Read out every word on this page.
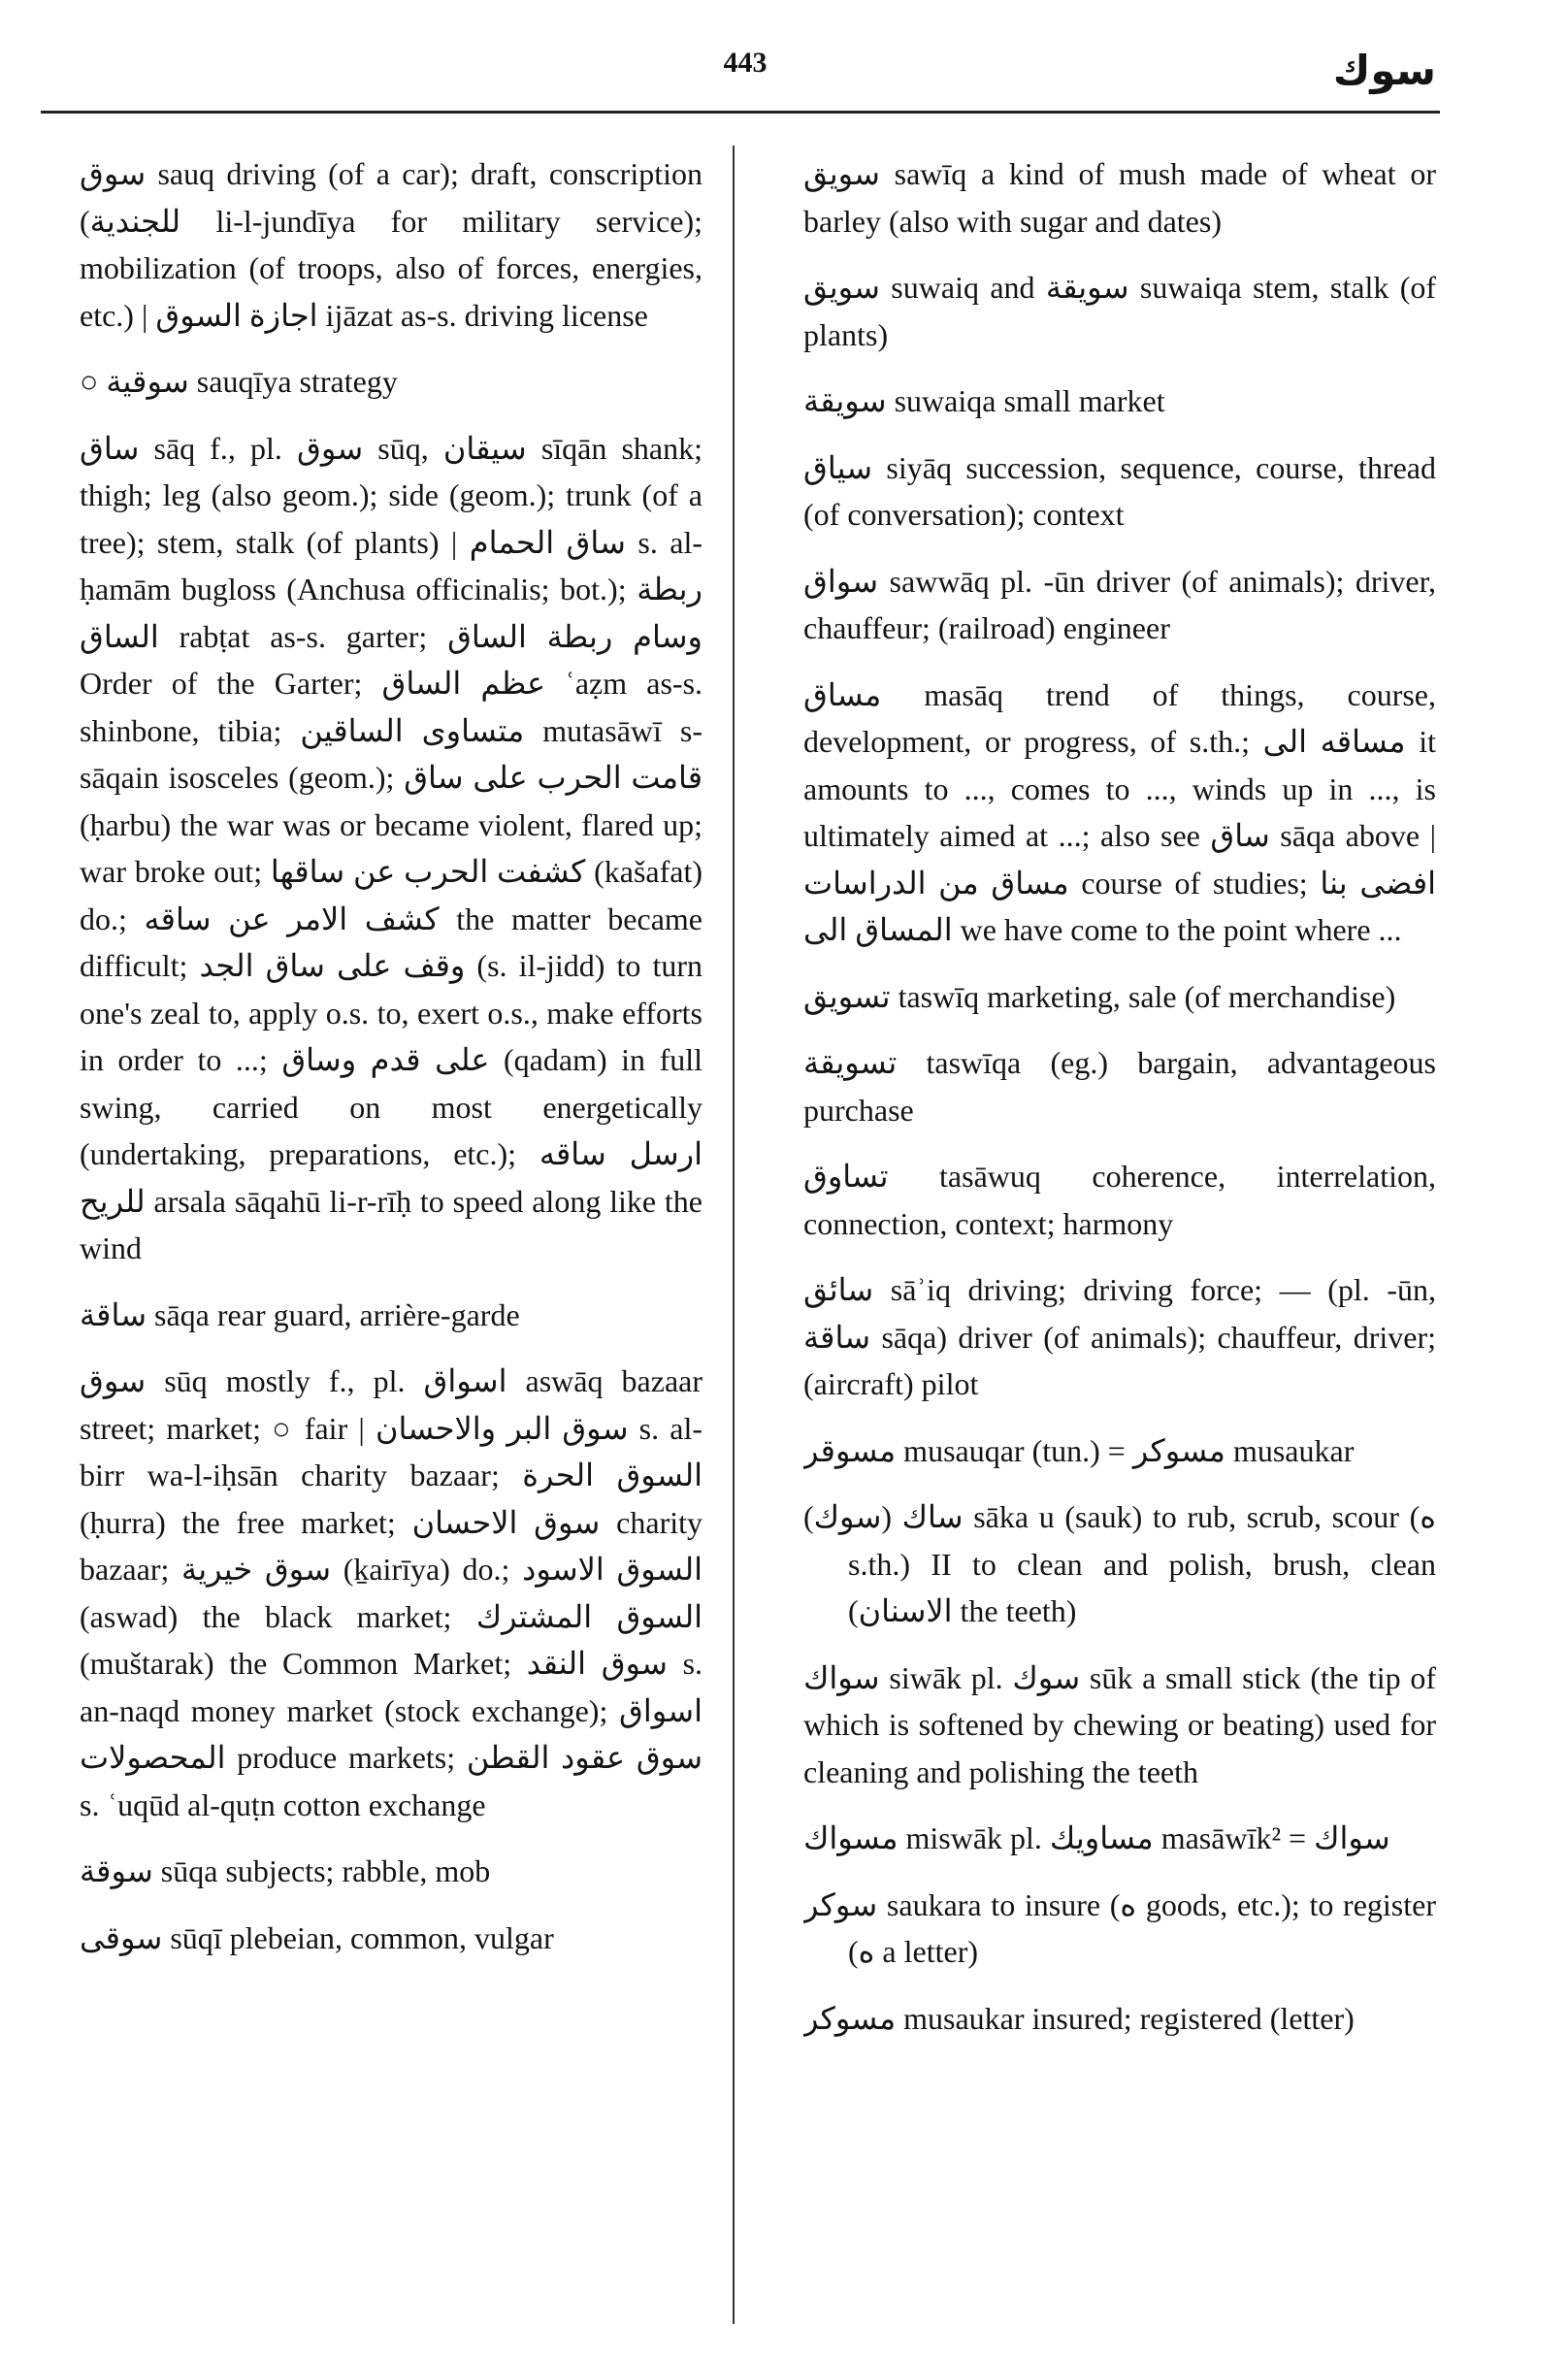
443	سوك
سوق sauq driving (of a car); draft, conscription (للجندية li-l-jundīya for military service); mobilization (of troops, also of forces, energies, etc.) | اجازة السوق ijāzat as-s. driving license
○ سوقية sauqīya strategy
ساق sāq f., pl. سوق sūq, سيقان sīqān shank; thigh; leg (also geom.); side (geom.); trunk (of a tree); stem, stalk (of plants) | ساق الحمام s. al-ḥamām bugloss (Anchusa officinalis; bot.); ربطة الساق rabṭat as-s. garter; وسام ربطة الساق Order of the Garter; عظم الساق ʿaẓm as-s. shinbone, tibia; متساوى الساقين mutasāwī s-sāqain isosceles (geom.); قامت الحرب على ساق (ḥarbu) the war was or became violent, flared up; war broke out; كشفت الحرب عن ساقها (kašafat) do.; كشف الامر عن ساقه the matter became difficult; وقف على ساق الجد (s. il-jidd) to turn one's zeal to, apply o.s. to, exert o.s., make efforts in order to ...; على قدم وساق (qadam) in full swing, carried on most energetically (undertaking, preparations, etc.); ارسل ساقه للريح arsala sāqahū li-r-rīḥ to speed along like the wind
ساقة sāqa rear guard, arrière-garde
سوق sūq mostly f., pl. اسواق aswāq bazaar street; market; ○ fair | سوق البر والاحسان s. al-birr wa-l-iḥsān charity bazaar; السوق الحرة (ḥurra) the free market; سوق الاحسان charity bazaar; سوق خيرية (ḵairīya) do.; السوق الاسود (aswad) the black market; السوق المشترك (muštarak) the Common Market; سوق النقد s. an-naqd money market (stock exchange); اسواق المحصولات produce markets; سوق عقود القطن s. ʿuqūd al-quṭn cotton exchange
سوقة sūqa subjects; rabble, mob
سوقى sūqī plebeian, common, vulgar
سويق sawīq a kind of mush made of wheat or barley (also with sugar and dates)
سويق suwaiq and سويقة suwaiqa stem, stalk (of plants)
سويقة suwaiqa small market
سياق siyāq succession, sequence, course, thread (of conversation); context
سواق sawwāq pl. -ūn driver (of animals); driver, chauffeur; (railroad) engineer
مساق masāq trend of things, course, development, or progress, of s.th.; مساقه الى it amounts to ..., comes to ..., winds up in ..., is ultimately aimed at ...; also see ساق sāqa above | مساق من الدراسات course of studies; افضى بنا المساق الى we have come to the point where ...
تسويق taswīq marketing, sale (of merchandise)
تسويقة taswīqa (eg.) bargain, advantageous purchase
تساوق tasāwuq coherence, interrelation, connection, context; harmony
سائق sāʾiq driving; driving force; — (pl. -ūn, ساقة sāqa) driver (of animals); chauffeur, driver; (aircraft) pilot
مسوقر musauqar (tun.) = مسوكر musaukar
(سوك) ساك sāka u (sauk) to rub, scrub, scour (ه s.th.) II to clean and polish, brush, clean (الاسنان the teeth)
سواك siwāk pl. سوك sūk a small stick (the tip of which is softened by chewing or beating) used for cleaning and polishing the teeth
مسواك miswāk pl. مساويك masāwīk² = سواك
سوكر saukara to insure (ه goods, etc.); to register (ه a letter)
مسوكر musaukar insured; registered (letter)
